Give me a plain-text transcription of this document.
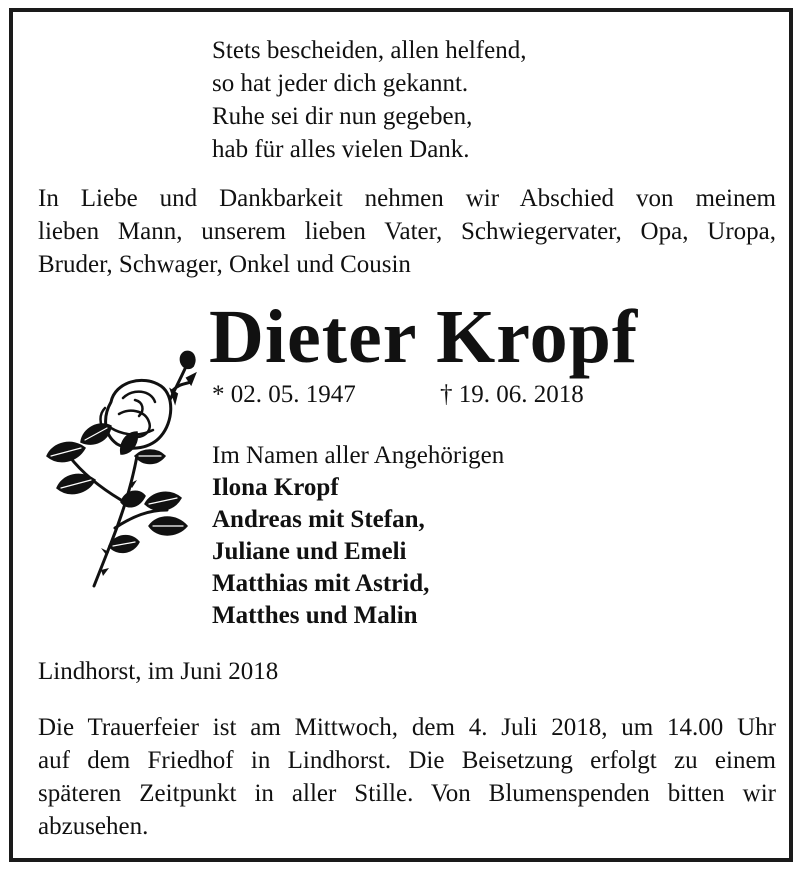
Stets bescheiden, allen helfend,
so hat jeder dich gekannt.
Ruhe sei dir nun gegeben,
hab für alles vielen Dank.
In Liebe und Dankbarkeit nehmen wir Abschied von meinem
lieben Mann, unserem lieben Vater, Schwiegervater, Opa, Uropa,
Bruder, Schwager, Onkel und Cousin
Dieter Kropf
* 02. 05. 1947	† 19. 06. 2018
Im Namen aller Angehörigen
Ilona Kropf
Andreas mit Stefan,
Juliane und Emeli
Matthias mit Astrid,
Matthes und Malin
Lindhorst, im Juni 2018
Die Trauerfeier ist am Mittwoch, dem 4. Juli 2018, um 14.00 Uhr
auf dem Friedhof in Lindhorst. Die Beisetzung erfolgt zu einem
späteren Zeitpunkt in aller Stille. Von Blumenspenden bitten wir
abzusehen.
